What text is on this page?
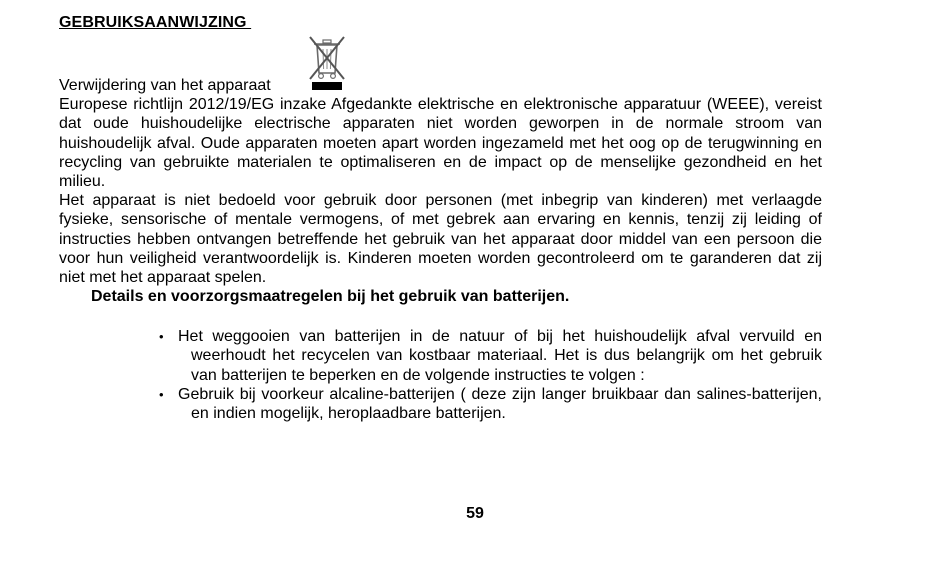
GEBRUIKSAANWIJZING
Verwijdering van het apparaat

Europese richtlijn 2012/19/EG inzake Afgedankte elektrische en elektronische apparatuur (WEEE), vereist dat oude huishoudelijke electrische apparaten niet worden geworpen in de normale stroom van huishoudelijk afval. Oude apparaten moeten apart worden ingezameld met het oog op de terugwinning en recycling van gebruikte materialen te optimaliseren en de impact op de menselijke gezondheid en het milieu.

Het apparaat is niet bedoeld voor gebruik door personen (met inbegrip van kinderen) met verlaagde fysieke, sensorische of mentale vermogens, of met gebrek aan ervaring en kennis, tenzij zij leiding of instructies hebben ontvangen betreffende het gebruik van het apparaat door middel van een persoon die voor hun veiligheid verantwoordelijk is. Kinderen moeten worden gecontroleerd om te garanderen dat zij niet met het apparaat spelen.

Details en voorzorgsmaatregelen bij het gebruik van batterijen.
• Het weggooien van batterijen in de natuur of bij het huishoudelijk afval vervuild en weerhoudt het recycelen van kostbaar materiaal. Het is dus belangrijk om het gebruik van batterijen te beperken en de volgende instructies te volgen :
• Gebruik bij voorkeur alcaline-batterijen ( deze zijn langer bruikbaar dan salines-batterijen, en indien mogelijk, heroplaadbare batterijen.
59
